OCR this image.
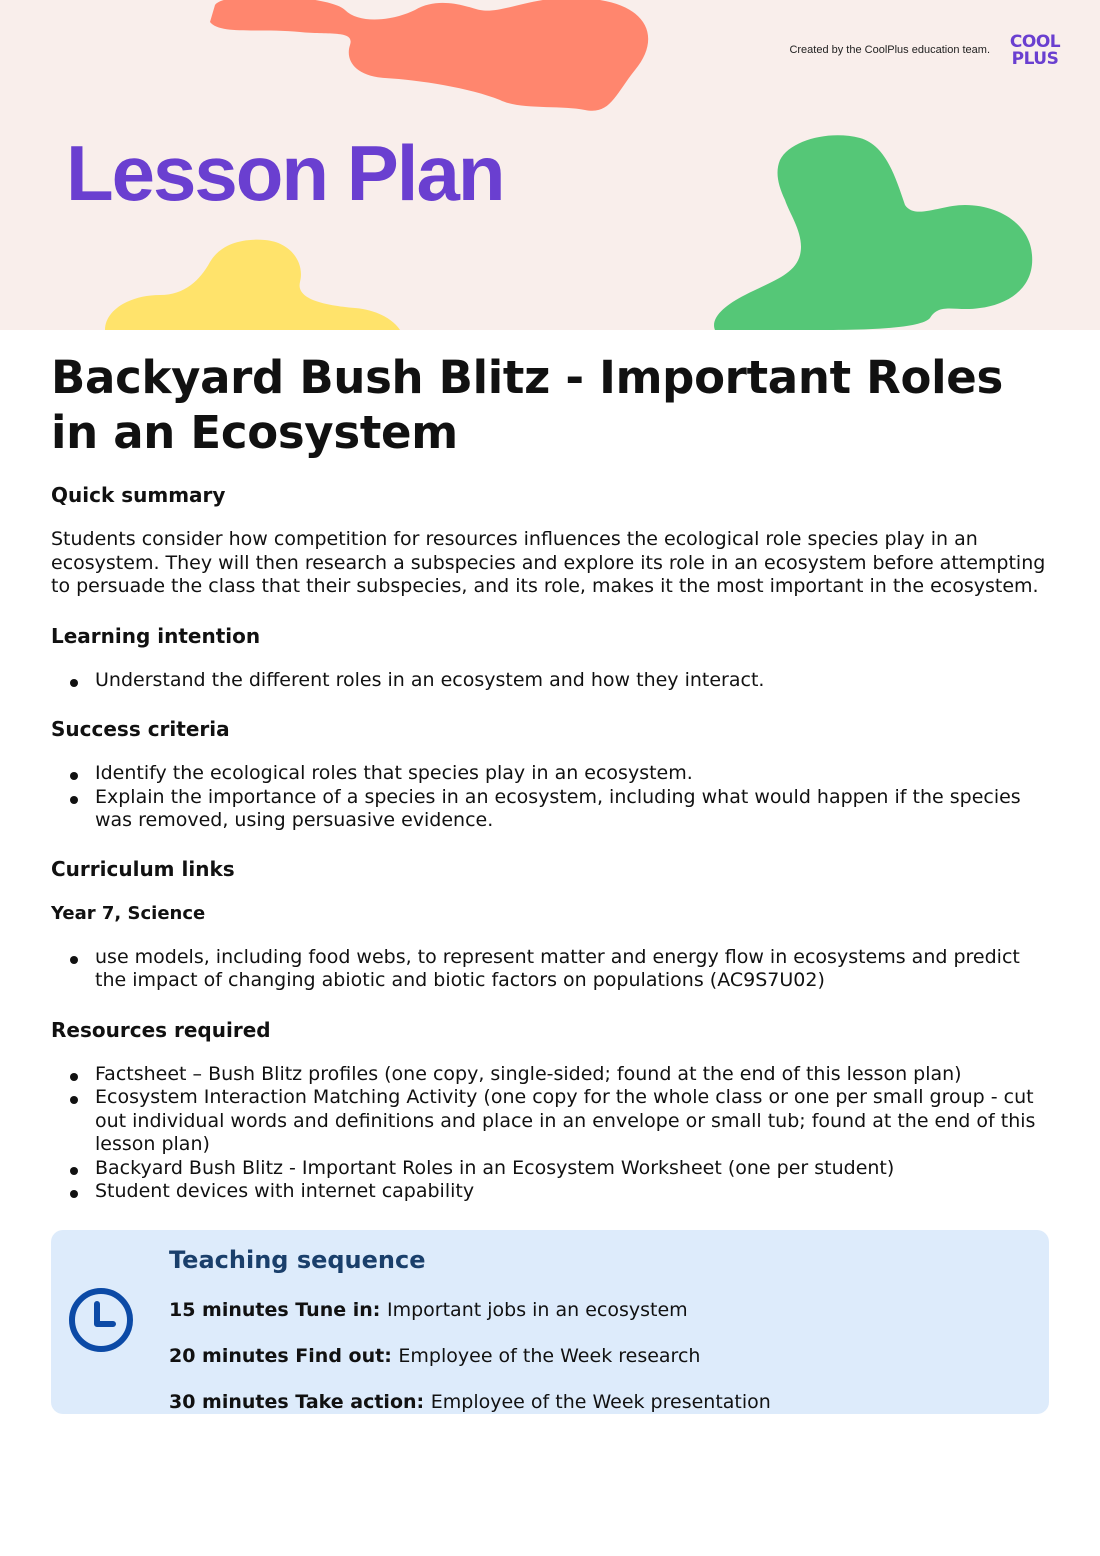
Created by the CoolPlus education team.	COOL
PLUS
Lesson Plan
Backyard Bush Blitz - Important Roles in an Ecosystem
Quick summary

Students consider how competition for resources influences the ecological role species play in an ecosystem. They will then research a subspecies and explore its role in an ecosystem before attempting to persuade the class that their subspecies, and its role, makes it the most important in the ecosystem.

Learning intention
Understand the different roles in an ecosystem and how they interact.
Success criteria
Identify the ecological roles that species play in an ecosystem.
Explain the importance of a species in an ecosystem, including what would happen if the species was removed, using persuasive evidence.
Curriculum links
Year 7, Science
use models, including food webs, to represent matter and energy flow in ecosystems and predict the impact of changing abiotic and biotic factors on populations (AC9S7U02)
Resources required
Factsheet – Bush Blitz profiles (one copy, single-sided; found at the end of this lesson plan)
Ecosystem Interaction Matching Activity (one copy for the whole class or one per small group - cut out individual words and definitions and place in an envelope or small tub; found at the end of this lesson plan)
Backyard Bush Blitz - Important Roles in an Ecosystem Worksheet (one per student)
Student devices with internet capability
Teaching sequence
15 minutes Tune in: Important jobs in an ecosystem
20 minutes Find out: Employee of the Week research
30 minutes Take action: Employee of the Week presentation
